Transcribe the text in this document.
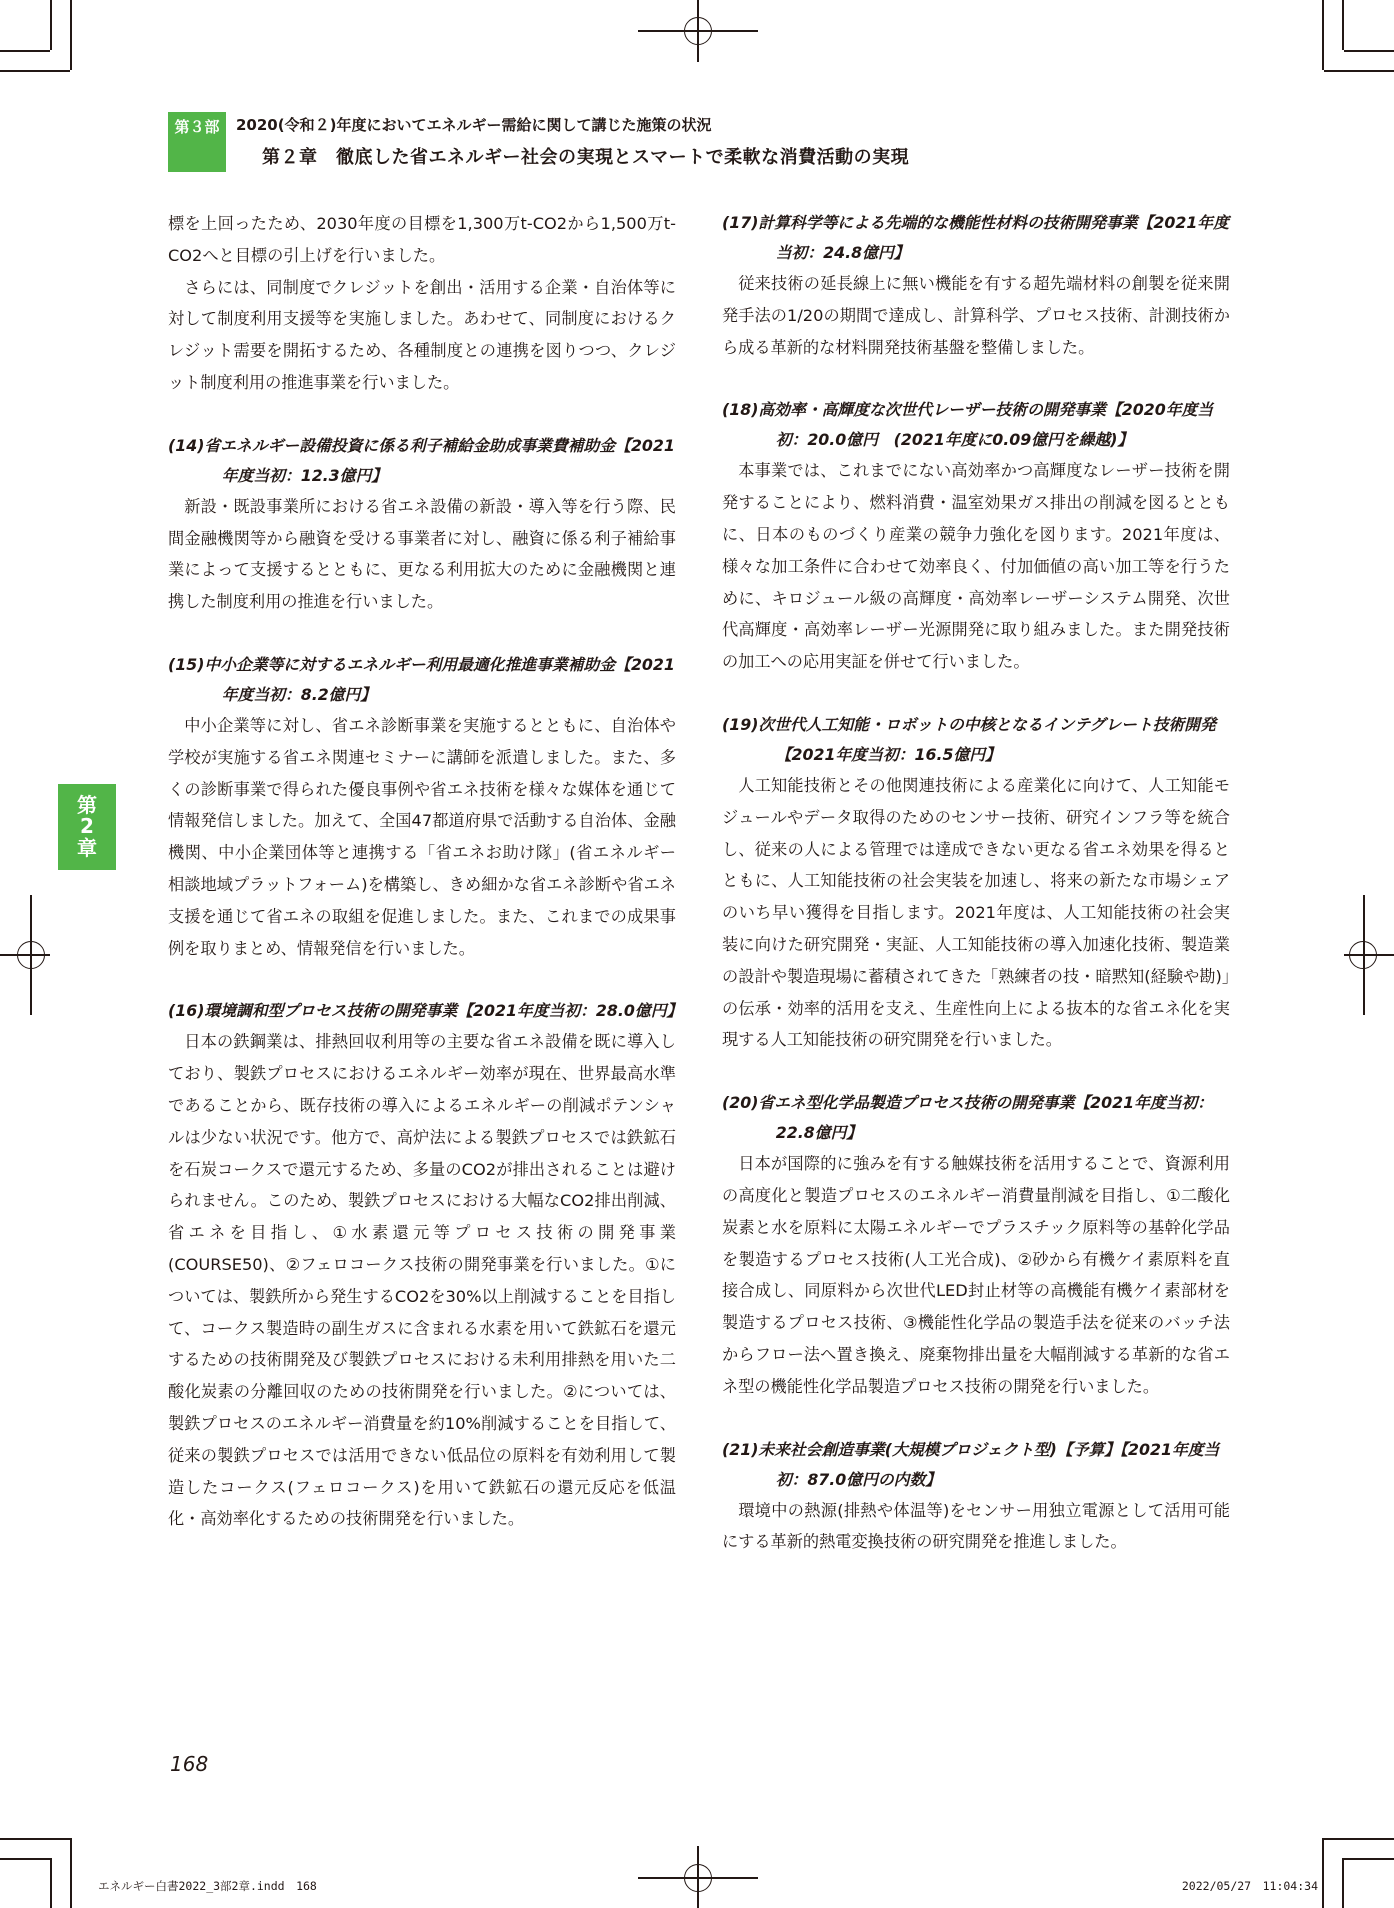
第３部	2020(令和２)年度においてエネルギー需給に関して講じた施策の状況
第２章　徹底した省エネルギー社会の実現とスマートで柔軟な消費活動の実現
第
2
章

標を上回ったため、2030年度の目標を1,300万t-CO2から1,500万t-CO2へと目標の引上げを行いました。

さらには、同制度でクレジットを創出・活用する企業・自治体等に対して制度利用支援等を実施しました。あわせて、同制度におけるクレジット需要を開拓するため、各種制度との連携を図りつつ、クレジット制度利用の推進事業を行いました。

(14)省エネルギー設備投資に係る利子補給金助成事業費補助金【2021年度当初：12.3億円】

新設・既設事業所における省エネ設備の新設・導入等を行う際、民間金融機関等から融資を受ける事業者に対し、融資に係る利子補給事業によって支援するとともに、更なる利用拡大のために金融機関と連携した制度利用の推進を行いました。

(15)中小企業等に対するエネルギー利用最適化推進事業補助金【2021年度当初：8.2億円】

中小企業等に対し、省エネ診断事業を実施するとともに、自治体や学校が実施する省エネ関連セミナーに講師を派遣しました。また、多くの診断事業で得られた優良事例や省エネ技術を様々な媒体を通じて情報発信しました。加えて、全国47都道府県で活動する自治体、金融機関、中小企業団体等と連携する「省エネお助け隊」(省エネルギー相談地域プラットフォーム)を構築し、きめ細かな省エネ診断や省エネ支援を通じて省エネの取組を促進しました。また、これまでの成果事例を取りまとめ、情報発信を行いました。

(16)環境調和型プロセス技術の開発事業【2021年度当初：28.0億円】

日本の鉄鋼業は、排熱回収利用等の主要な省エネ設備を既に導入しており、製鉄プロセスにおけるエネルギー効率が現在、世界最高水準であることから、既存技術の導入によるエネルギーの削減ポテンシャルは少ない状況です。他方で、高炉法による製鉄プロセスでは鉄鉱石を石炭コークスで還元するため、多量のCO2が排出されることは避けられません。このため、製鉄プロセスにおける大幅なCO2排出削減、省エネを目指し、①水素還元等プロセス技術の開発事業(COURSE50)、②フェロコークス技術の開発事業を行いました。①については、製鉄所から発生するCO2を30%以上削減することを目指して、コークス製造時の副生ガスに含まれる水素を用いて鉄鉱石を還元するための技術開発及び製鉄プロセスにおける未利用排熱を用いた二酸化炭素の分離回収のための技術開発を行いました。②については、製鉄プロセスのエネルギー消費量を約10%削減することを目指して、従来の製鉄プロセスでは活用できない低品位の原料を有効利用して製造したコークス(フェロコークス)を用いて鉄鉱石の還元反応を低温化・高効率化するための技術開発を行いました。

(17)計算科学等による先端的な機能性材料の技術開発事業【2021年度当初：24.8億円】

従来技術の延長線上に無い機能を有する超先端材料の創製を従来開発手法の1/20の期間で達成し、計算科学、プロセス技術、計測技術から成る革新的な材料開発技術基盤を整備しました。

(18)高効率・高輝度な次世代レーザー技術の開発事業【2020年度当初：20.0億円　(2021年度に0.09億円を繰越)】

本事業では、これまでにない高効率かつ高輝度なレーザー技術を開発することにより、燃料消費・温室効果ガス排出の削減を図るとともに、日本のものづくり産業の競争力強化を図ります。2021年度は、様々な加工条件に合わせて効率良く、付加価値の高い加工等を行うために、キロジュール級の高輝度・高効率レーザーシステム開発、次世代高輝度・高効率レーザー光源開発に取り組みました。また開発技術の加工への応用実証を併せて行いました。

(19)次世代人工知能・ロボットの中核となるインテグレート技術開発【2021年度当初：16.5億円】

人工知能技術とその他関連技術による産業化に向けて、人工知能モジュールやデータ取得のためのセンサー技術、研究インフラ等を統合し、従来の人による管理では達成できない更なる省エネ効果を得るとともに、人工知能技術の社会実装を加速し、将来の新たな市場シェアのいち早い獲得を目指します。2021年度は、人工知能技術の社会実装に向けた研究開発・実証、人工知能技術の導入加速化技術、製造業の設計や製造現場に蓄積されてきた「熟練者の技・暗黙知(経験や勘)」の伝承・効率的活用を支え、生産性向上による抜本的な省エネ化を実現する人工知能技術の研究開発を行いました。

(20)省エネ型化学品製造プロセス技術の開発事業【2021年度当初：22.8億円】

日本が国際的に強みを有する触媒技術を活用することで、資源利用の高度化と製造プロセスのエネルギー消費量削減を目指し、①二酸化炭素と水を原料に太陽エネルギーでプラスチック原料等の基幹化学品を製造するプロセス技術(人工光合成)、②砂から有機ケイ素原料を直接合成し、同原料から次世代LED封止材等の高機能有機ケイ素部材を製造するプロセス技術、③機能性化学品の製造手法を従来のバッチ法からフロー法へ置き換え、廃棄物排出量を大幅削減する革新的な省エネ型の機能性化学品製造プロセス技術の開発を行いました。

(21)未来社会創造事業(大規模プロジェクト型)【予算】【2021年度当初：87.0億円の内数】

環境中の熱源(排熱や体温等)をセンサー用独立電源として活用可能にする革新的熱電変換技術の研究開発を推進しました。

168
エネルギー白書2022_3部2章.indd　168	2022/05/27　11:04:34
